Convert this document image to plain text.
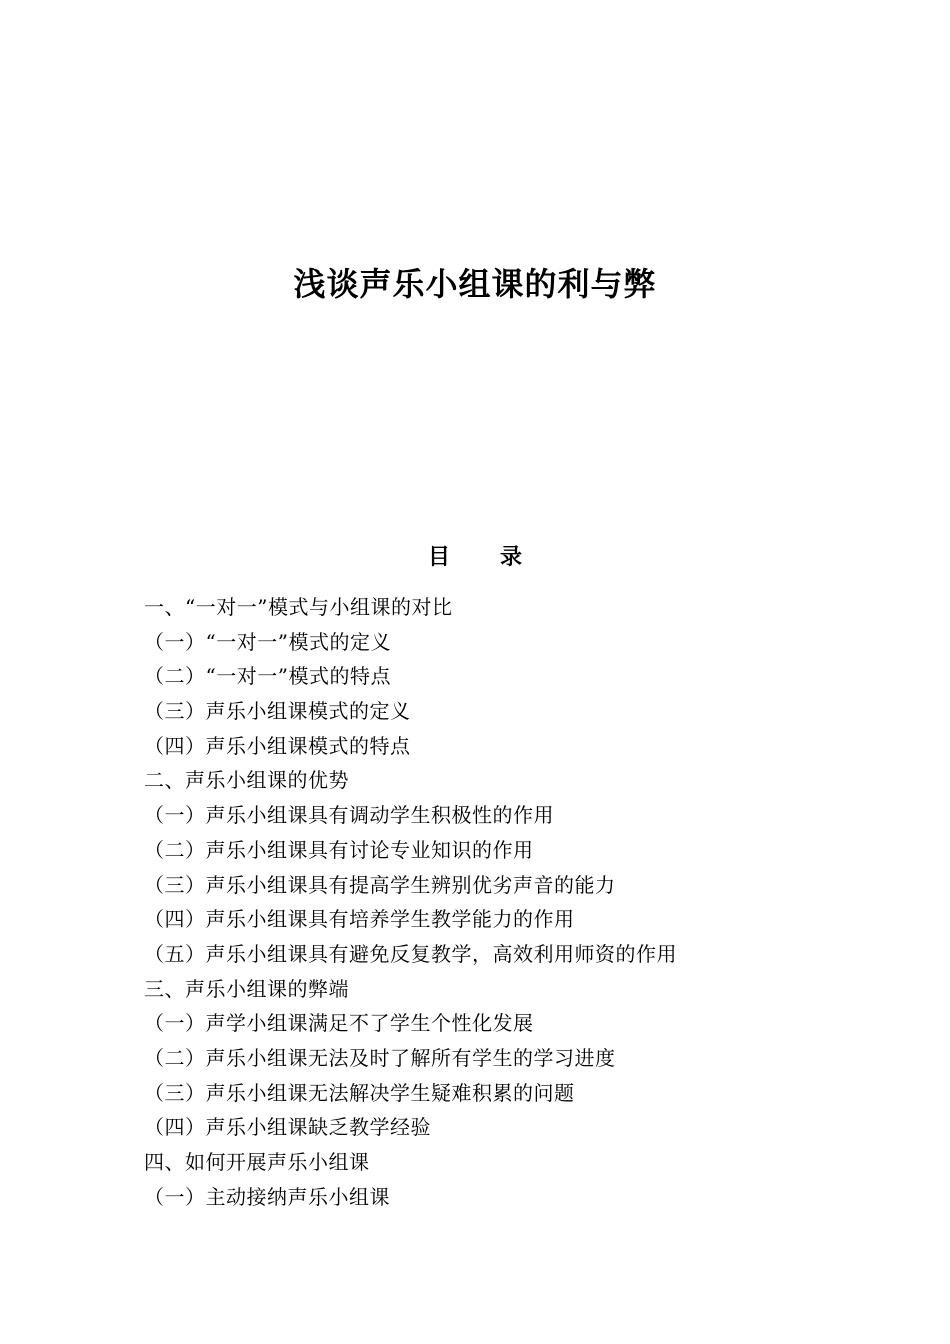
浅谈声乐小组课的利与弊
目 录
一、“一对一”模式与小组课的对比
（一）“一对一”模式的定义
（二）“一对一”模式的特点
（三）声乐小组课模式的定义
（四）声乐小组课模式的特点
二、声乐小组课的优势
（一）声乐小组课具有调动学生积极性的作用
（二）声乐小组课具有讨论专业知识的作用
（三）声乐小组课具有提高学生辨别优劣声音的能力
（四）声乐小组课具有培养学生教学能力的作用
（五）声乐小组课具有避免反复教学，高效利用师资的作用
三、声乐小组课的弊端
（一）声学小组课满足不了学生个性化发展
（二）声乐小组课无法及时了解所有学生的学习进度
（三）声乐小组课无法解决学生疑难积累的问题
（四）声乐小组课缺乏教学经验
四、如何开展声乐小组课
（一）主动接纳声乐小组课
